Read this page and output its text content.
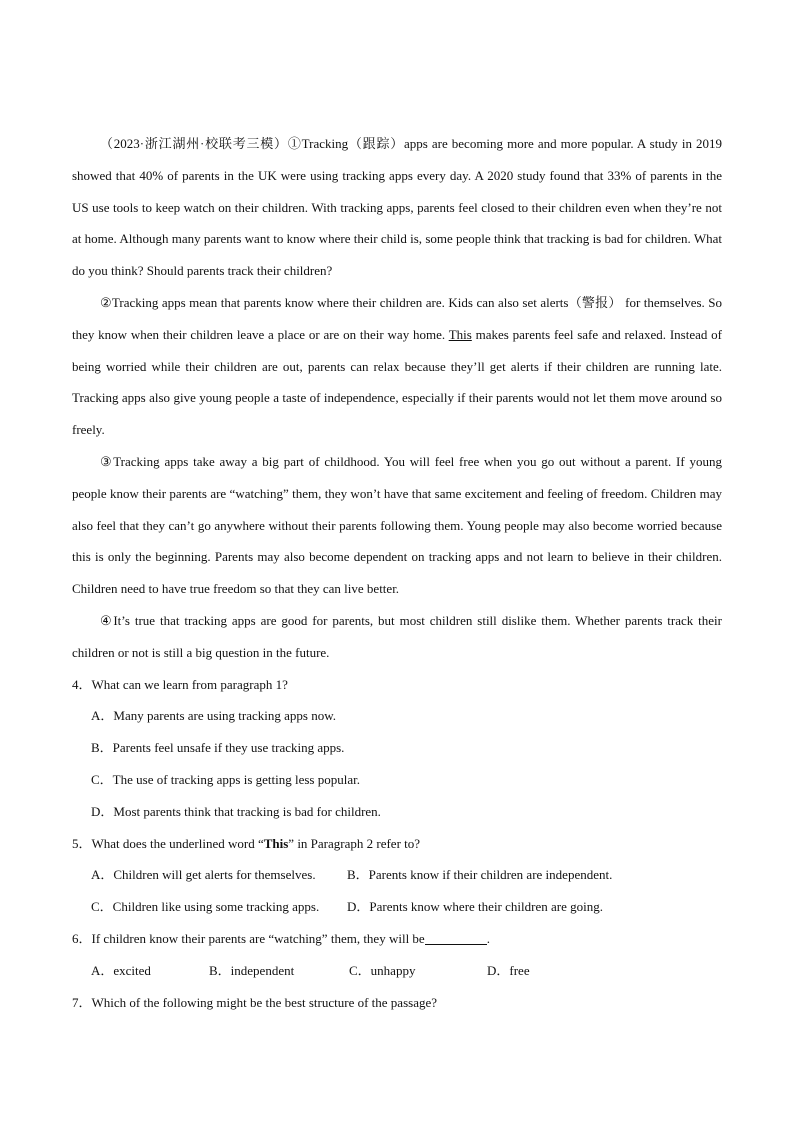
（2023·浙江湖州·校联考三模）①Tracking（跟踪）apps are becoming more and more popular. A study in 2019 showed that 40% of parents in the UK were using tracking apps every day. A 2020 study found that 33% of parents in the US use tools to keep watch on their children. With tracking apps, parents feel closed to their children even when they’re not at home. Although many parents want to know where their child is, some people think that tracking is bad for children. What do you think? Should parents track their children?

②Tracking apps mean that parents know where their children are. Kids can also set alerts（警报） for themselves. So they know when their children leave a place or are on their way home. This makes parents feel safe and relaxed. Instead of being worried while their children are out, parents can relax because they’ll get alerts if their children are running late. Tracking apps also give young people a taste of independence, especially if their parents would not let them move around so freely.

③Tracking apps take away a big part of childhood. You will feel free when you go out without a parent. If young people know their parents are “watching” them, they won’t have that same excitement and feeling of freedom. Children may also feel that they can’t go anywhere without their parents following them. Young people may also become worried because this is only the beginning. Parents may also become dependent on tracking apps and not learn to believe in their children. Children need to have true freedom so that they can live better.

④It’s true that tracking apps are good for parents, but most children still dislike them. Whether parents track their children or not is still a big question in the future.

4．What can we learn from paragraph 1?

A．Many parents are using tracking apps now.

B．Parents feel unsafe if they use tracking apps.

C．The use of tracking apps is getting less popular.

D．Most parents think that tracking is bad for children.

5．What does the underlined word “This” in Paragraph 2 refer to?

A．Children will get alerts for themselves. B．Parents know if their children are independent.
C．Children like using some tracking apps. D．Parents know where their children are going.

6．If children know their parents are “watching” them, they will be	.

A．excited	B．independent	C．unhappy	D．free

7．Which of the following might be the best structure of the passage?
